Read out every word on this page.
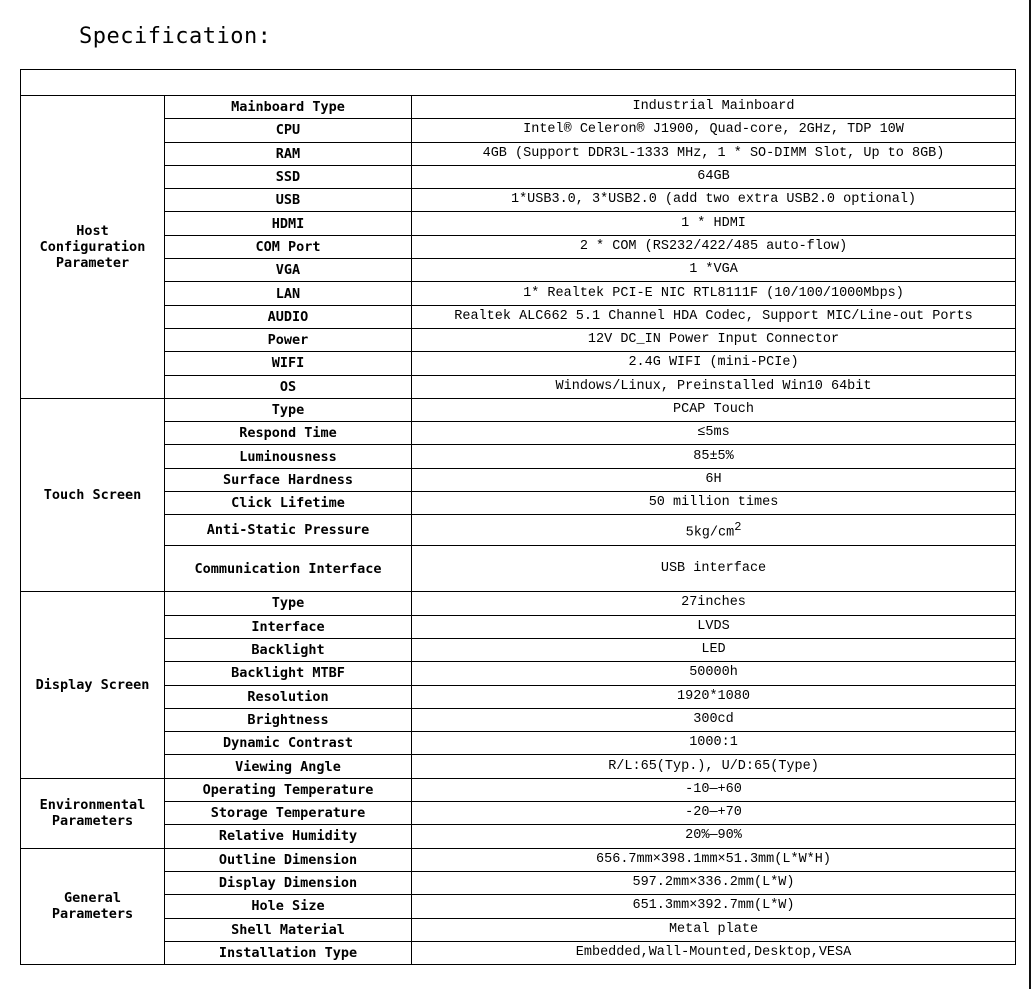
Specification:

Host Configuration Parameter	Mainboard Type	Industrial Mainboard
	CPU	Intel® Celeron® J1900, Quad-core, 2GHz, TDP 10W
	RAM	4GB (Support DDR3L-1333 MHz, 1 * SO-DIMM Slot, Up to 8GB)
	SSD	64GB
	USB	1*USB3.0, 3*USB2.0 (add two extra USB2.0 optional)
	HDMI	1 * HDMI
	COM Port	2 * COM (RS232/422/485 auto-flow)
	VGA	1 *VGA
	LAN	1* Realtek PCI-E NIC RTL8111F (10/100/1000Mbps)
	AUDIO	Realtek ALC662 5.1 Channel HDA Codec, Support MIC/Line-out Ports
	Power	12V DC_IN Power Input Connector
	WIFI	2.4G WIFI (mini-PCIe)
	OS	Windows/Linux, Preinstalled Win10 64bit
Touch Screen	Type	PCAP Touch
	Respond Time	≤5ms
	Luminousness	85±5%
	Surface Hardness	6H
	Click Lifetime	50 million times
	Anti-Static Pressure	5kg/cm2
	Communication Interface	USB interface
Display Screen	Type	27inches
	Interface	LVDS
	Backlight	LED
	Backlight MTBF	50000h
	Resolution	1920*1080
	Brightness	300cd
	Dynamic Contrast	1000:1
	Viewing Angle	R/L:65(Typ.), U/D:65(Type)
Environmental Parameters	Operating Temperature	-10—+60
	Storage Temperature	-20—+70
	Relative Humidity	20%—90%
General Parameters	Outline Dimension	656.7mm×398.1mm×51.3mm(L*W*H)
	Display Dimension	597.2mm×336.2mm(L*W)
	Hole Size	651.3mm×392.7mm(L*W)
	Shell Material	Metal plate
	Installation Type	Embedded,Wall-Mounted,Desktop,VESA
